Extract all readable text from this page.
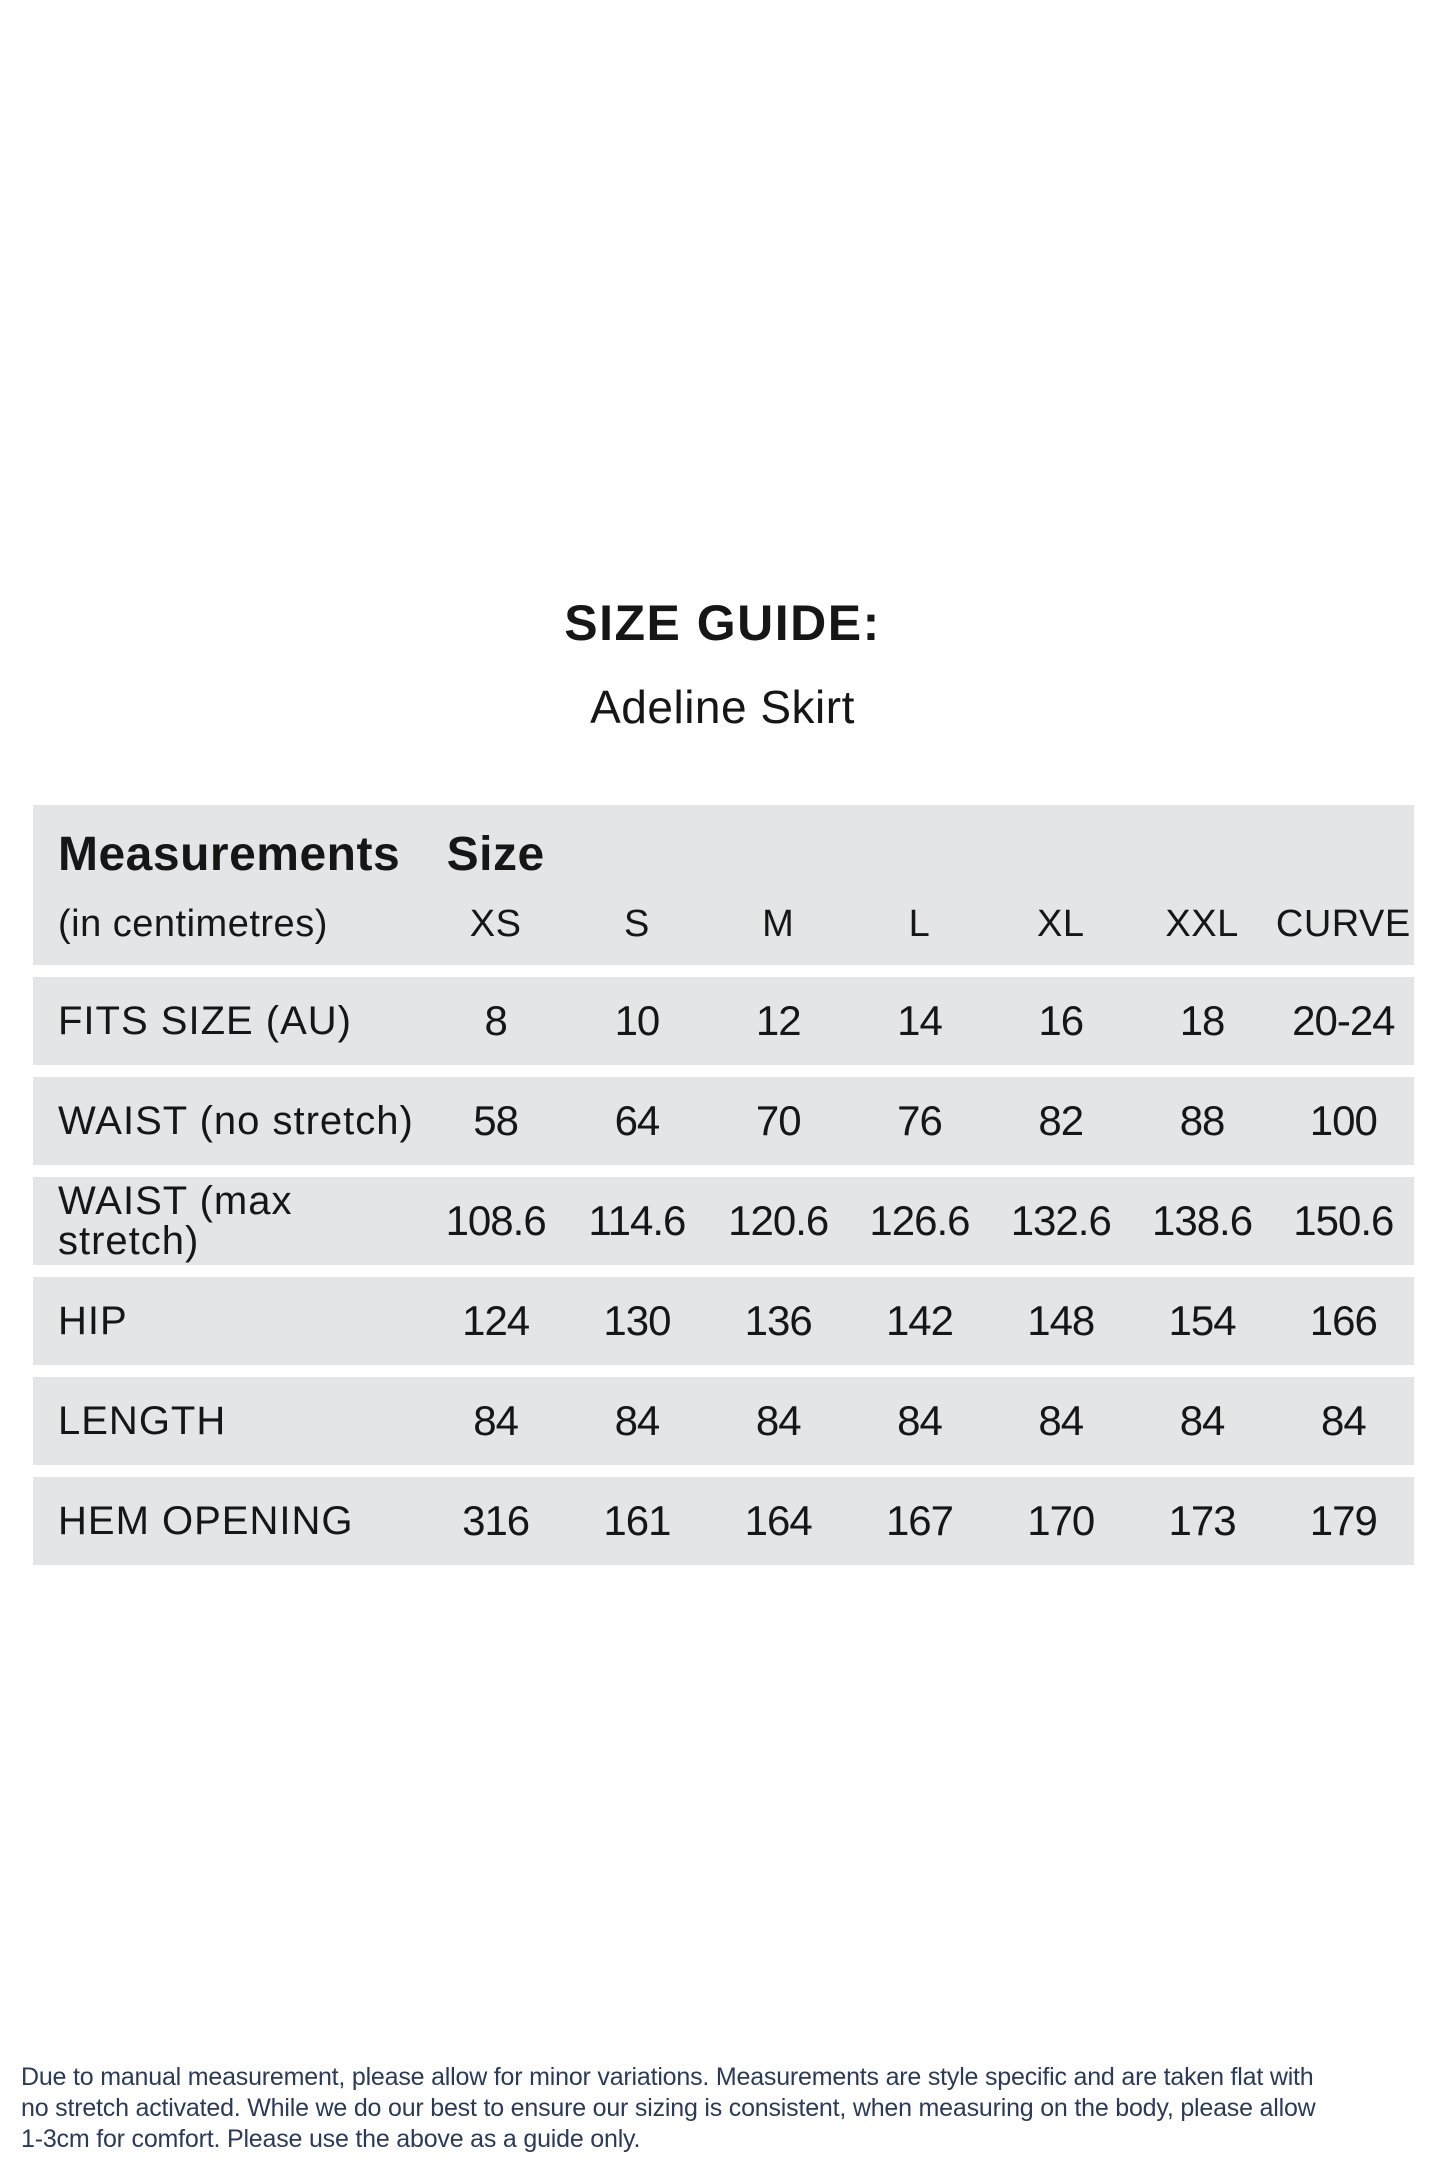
SIZE GUIDE:
Adeline Skirt
Measurements
(in centimetres)
Size
XS	S	M	L	XL	XXL CURVE
FITS SIZE (AU)	8	10	12	14	16	18	20-24
WAIST (no stretch)	58	64	70	76	82	88	100
WAIST (max stretch)	108.6	114.6	120.6 126.6 132.6 138.6 150.6
HIP	124	130	136	142	148	154	166
LENGTH	84	84	84	84	84	84	84
HEM OPENING	316	161	164	167	170	173	179
Due to manual measurement, please allow for minor variations. Measurements are style specific and are taken flat with
no stretch activated. While we do our best to ensure our sizing is consistent, when measuring on the body, please allow
1-3cm for comfort. Please use the above as a guide only.
